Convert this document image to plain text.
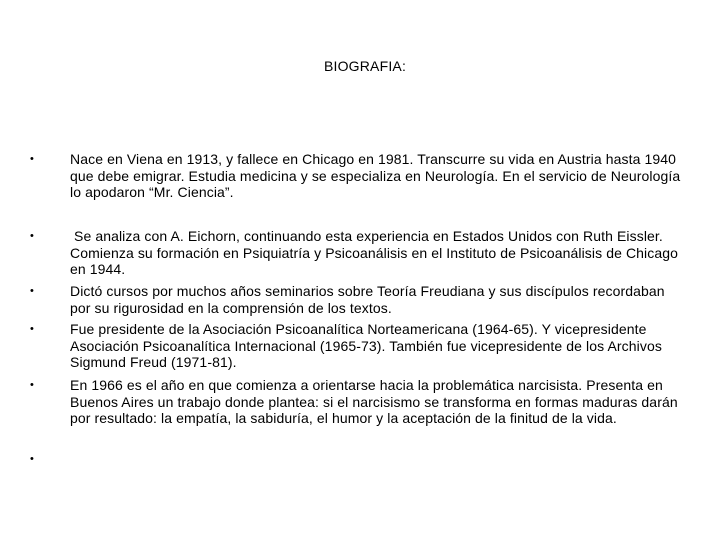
BIOGRAFIA:
•	Nace en Viena en 1913, y fallece en Chicago en 1981. Transcurre su vida en Austria hasta 1940 que debe emigrar. Estudia medicina y se especializa en Neurología. En el servicio de Neurología lo apodaron “Mr. Ciencia”.
•	Se analiza con A. Eichorn, continuando esta experiencia en Estados Unidos con Ruth Eissler. Comienza su formación en Psiquiatría y Psicoanálisis en el Instituto de Psicoanálisis de Chicago en 1944.
•	Dictó cursos por muchos años seminarios sobre Teoría Freudiana y sus discípulos recordaban por su rigurosidad en la comprensión de los textos.
•	Fue presidente de la Asociación Psicoanalítica Norteamericana (1964-65). Y vicepresidente Asociación Psicoanalítica Internacional (1965-73). También fue vicepresidente de los Archivos Sigmund Freud (1971-81).
•	En 1966 es el año en que comienza a orientarse hacia la problemática narcisista. Presenta en Buenos Aires un trabajo donde plantea: si el narcisismo se transforma en formas maduras darán por resultado: la empatía, la sabiduría, el humor y la aceptación de la finitud de la vida.
•
